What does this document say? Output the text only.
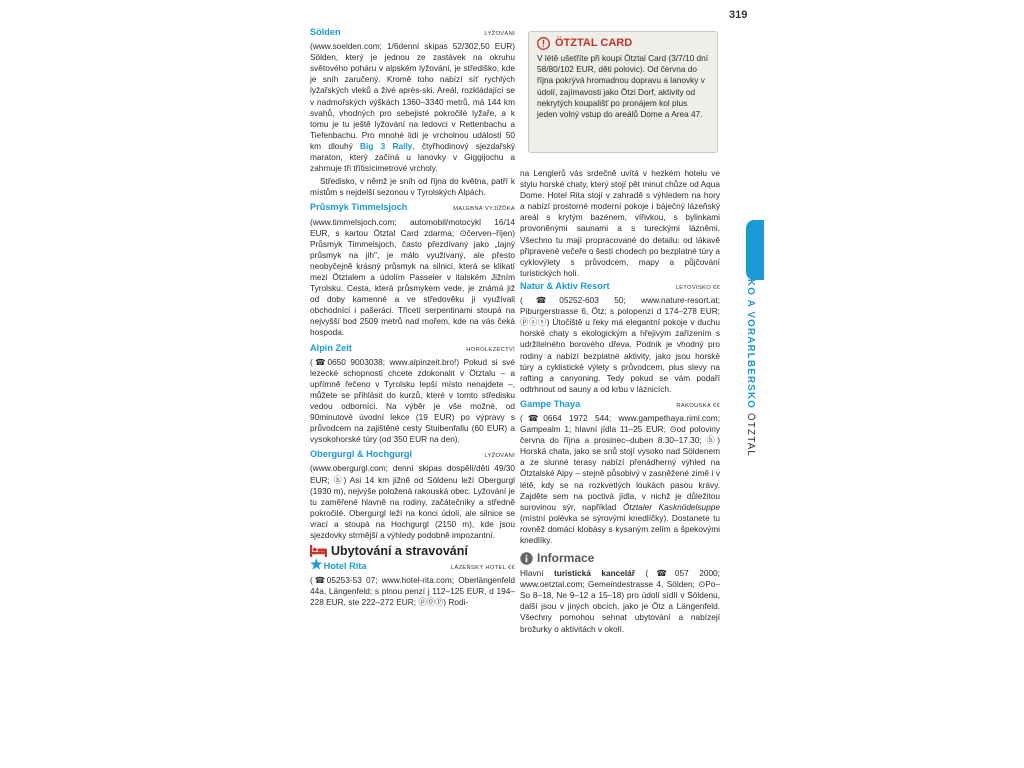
319
Sölden	LYŽOVÁNÍ

(www.soelden.com; 1/6denní skipas 52/302,50 EUR) Sölden, který je jednou ze zastávek na okruhu světového poháru v alpském lyžování, je střediško, kde je sníh zaručený. Kromě toho nabízí síť rychlých lyžařských vleků a živé après-ski. Areál, rozkládající se v nadmořských výškách 1360–3340 metrů, má 144 km svahů, vhodných pro sebejisté pokročilé lyžaře, a k tomu je tu ještě lyžování na ledovci v Rettenbachu a Tiefenbachu. Pro mnohé lidi je vrcholnou událostí 50 km dlouhý Big 3 Rally, čtyřhodinový sjezdařský maraton, který začíná u lanovky v Giggijochu a zahrnuje tři třítisícimetrové vrcholy.

Středisko, v němž je sníh od října do května, patří k místům s nejdelší sezonou v Tyrolských Alpách.

Průsmyk Timmelsjoch	MALEBNÁ VYJÍŽĎKA

(www.timmelsjoch.com; automobil/motocykl 16/14 EUR, s kartou Ötztal Card zdarma; ⊙červen–říjen) Průsmyk Timmelsjoch, často přezdívaný jako „tajný průsmyk na jih", je málo využívaný, ale přesto neobyčejně krásný průsmyk na silnici, která se klikatí mezi Ötztalem a údolím Passeier v italském Jižním Tyrolsku. Cesta, která průsmykem vede, je známá již od doby kamenné a ve středověku ji využívali obchodníci i pašeráci. Třicetí serpentinami stoupá na nejvyšší bod 2509 metrů nad mořem, kde na vás čeká hospoda.

Alpin Zeit	HOROLEZECTVÍ

(☎0650 9003038; www.alpinzeit.bro!) Pokud si své lezecké schopnosti chcete zdokonalit v Ötztalu – a upřímně řečeno v Tyrolsku lepší místo nenajdete –, můžete se přihlásit do kurzů, které v tomto středisku vedou odborníci. Na výběr je vše možné, od 90minutové úvodní lekce (19 EUR) po výpravy s průvodcem na zajištěné cesty Stuibenfallu (60 EUR) a vysokohorské túry (od 350 EUR na den).

Obergurgl & Hochgurgl	LYŽOVÁNÍ

(www.obergurgl.com; denní skipas dospělí/děti 49/30 EUR; ⓗ) Asi 14 km jižně od Söldenu leží Obergurgl (1930 m), nejvýše položená rakouská obec. Lyžování je tu zaměřené hlavně na rodiny, začátečníky a středně pokročilé. Obergurgl leží na konci údolí, ale silnice se vrací a stoupá na Hochgurgl (2150 m), kde jsou sjezdovky strmější a výhledy podobně impozantní.

Ubytování a stravování
★Hotel Rita	LÁZEŇSKÝ HOTEL €€

(☎05253-53 07; www.hotel-rita.com; Oberlängenfeld 44a, Längenfeld; s plnou penzí j 112–125 EUR, d 194–228 EUR, ste 222–272 EUR; ⓟ⓪Ⓟ) Rodi-

ÖTZTAL CARD
V létě ušetříte při koupi Ötztal Card (3/7/10 dní 58/80/102 EUR, děti polovic). Od června do října pokrývá hromadnou dopravu a lanovky v údolí, zajímavosti jako Ötzi Dorf, aktivity od nekrytých koupališť po pronájem kol plus jeden volný vstup do areálů Dome a Area 47.

na Lenglerů vás srdečně uvítá v hezkém hotelu ve stylu horské chaty, který stojí pět minut chůze od Aqua Dome. Hotel Rita stojí v zahradě s výhledem na hory a nabízí prostorné moderní pokoje i báječný lázeňský areál s krytým bazénem, vířivkou, s bylinkami provoněnými saunami a s tureckými lázněmi. Všechno tu mají propracované do detailu: od lákavě připravené večeře o šesti chodech po bezplatné túry a cyklovýlety s průvodcem, mapy a půjčování turistických holí.

Natur & Aktiv Resort	LETOVISKO €€

(☎05252-603 50; www.nature-resort.at; Piburgerstrasse 6, Ötz; s polopenzí d 174–278 EUR; ⓟⓐⓢ) Útočiště u řeky má elegantní pokoje v duchu horské chaty s ekologickým a hřejivým zařízením s udržitelného borového dřeva. Podnik je vhodný pro rodiny a nabízí bezplatné aktivity, jako jsou horské túry a cyklistické výlety s průvodcem, plus slevy na rafting a canyoning. Tedy pokud se vám podaří odtrhnout od sauny a od krbu v láznicích.

Gampe Thaya	RAKOUSKÁ €€

(☎0664 1972 544; www.gampethaya.riml.com; Gampealm 1; hlavní jídla 11–25 EUR; ⊙od poloviny června do října a prosinec–duben 8.30–17.30; ⓗ) Horská chata, jako se snů stojí vysoko nad Söldenem a ze slunné terasy nabízí přenádherný výhled na Ötztalské Alpy – stejně působivý v zasněžené zimě i v létě, kdy se na rozkvetlých loukách pasou krávy. Zajděte sem na poctivá jídla, v nichž je důležitou surovinou sýr, například Ötztaler Kasknödelsuppe (místní polévka se sýrovými knedlíčky). Dostanete tu rovněž domácí klobásy s kysaným zelím a špekovými knedlíky.

Informace

Hlavní turistická kancelář (☎057 2000; www.oetztal.com; Gemeindestrasse 4, Sölden; ⊙Po–So 8–18, Ne 9–12 a 15–18) pro údolí sídlí v Söldenu, další jsou v jiných obcích, jako je Ötz a Längenfeld. Všechny pomohou sehnat ubytování a nabízejí brožurky o aktivitách v okolí.

TYROLSKO A VORARLBERSKO ÖTZTAL
